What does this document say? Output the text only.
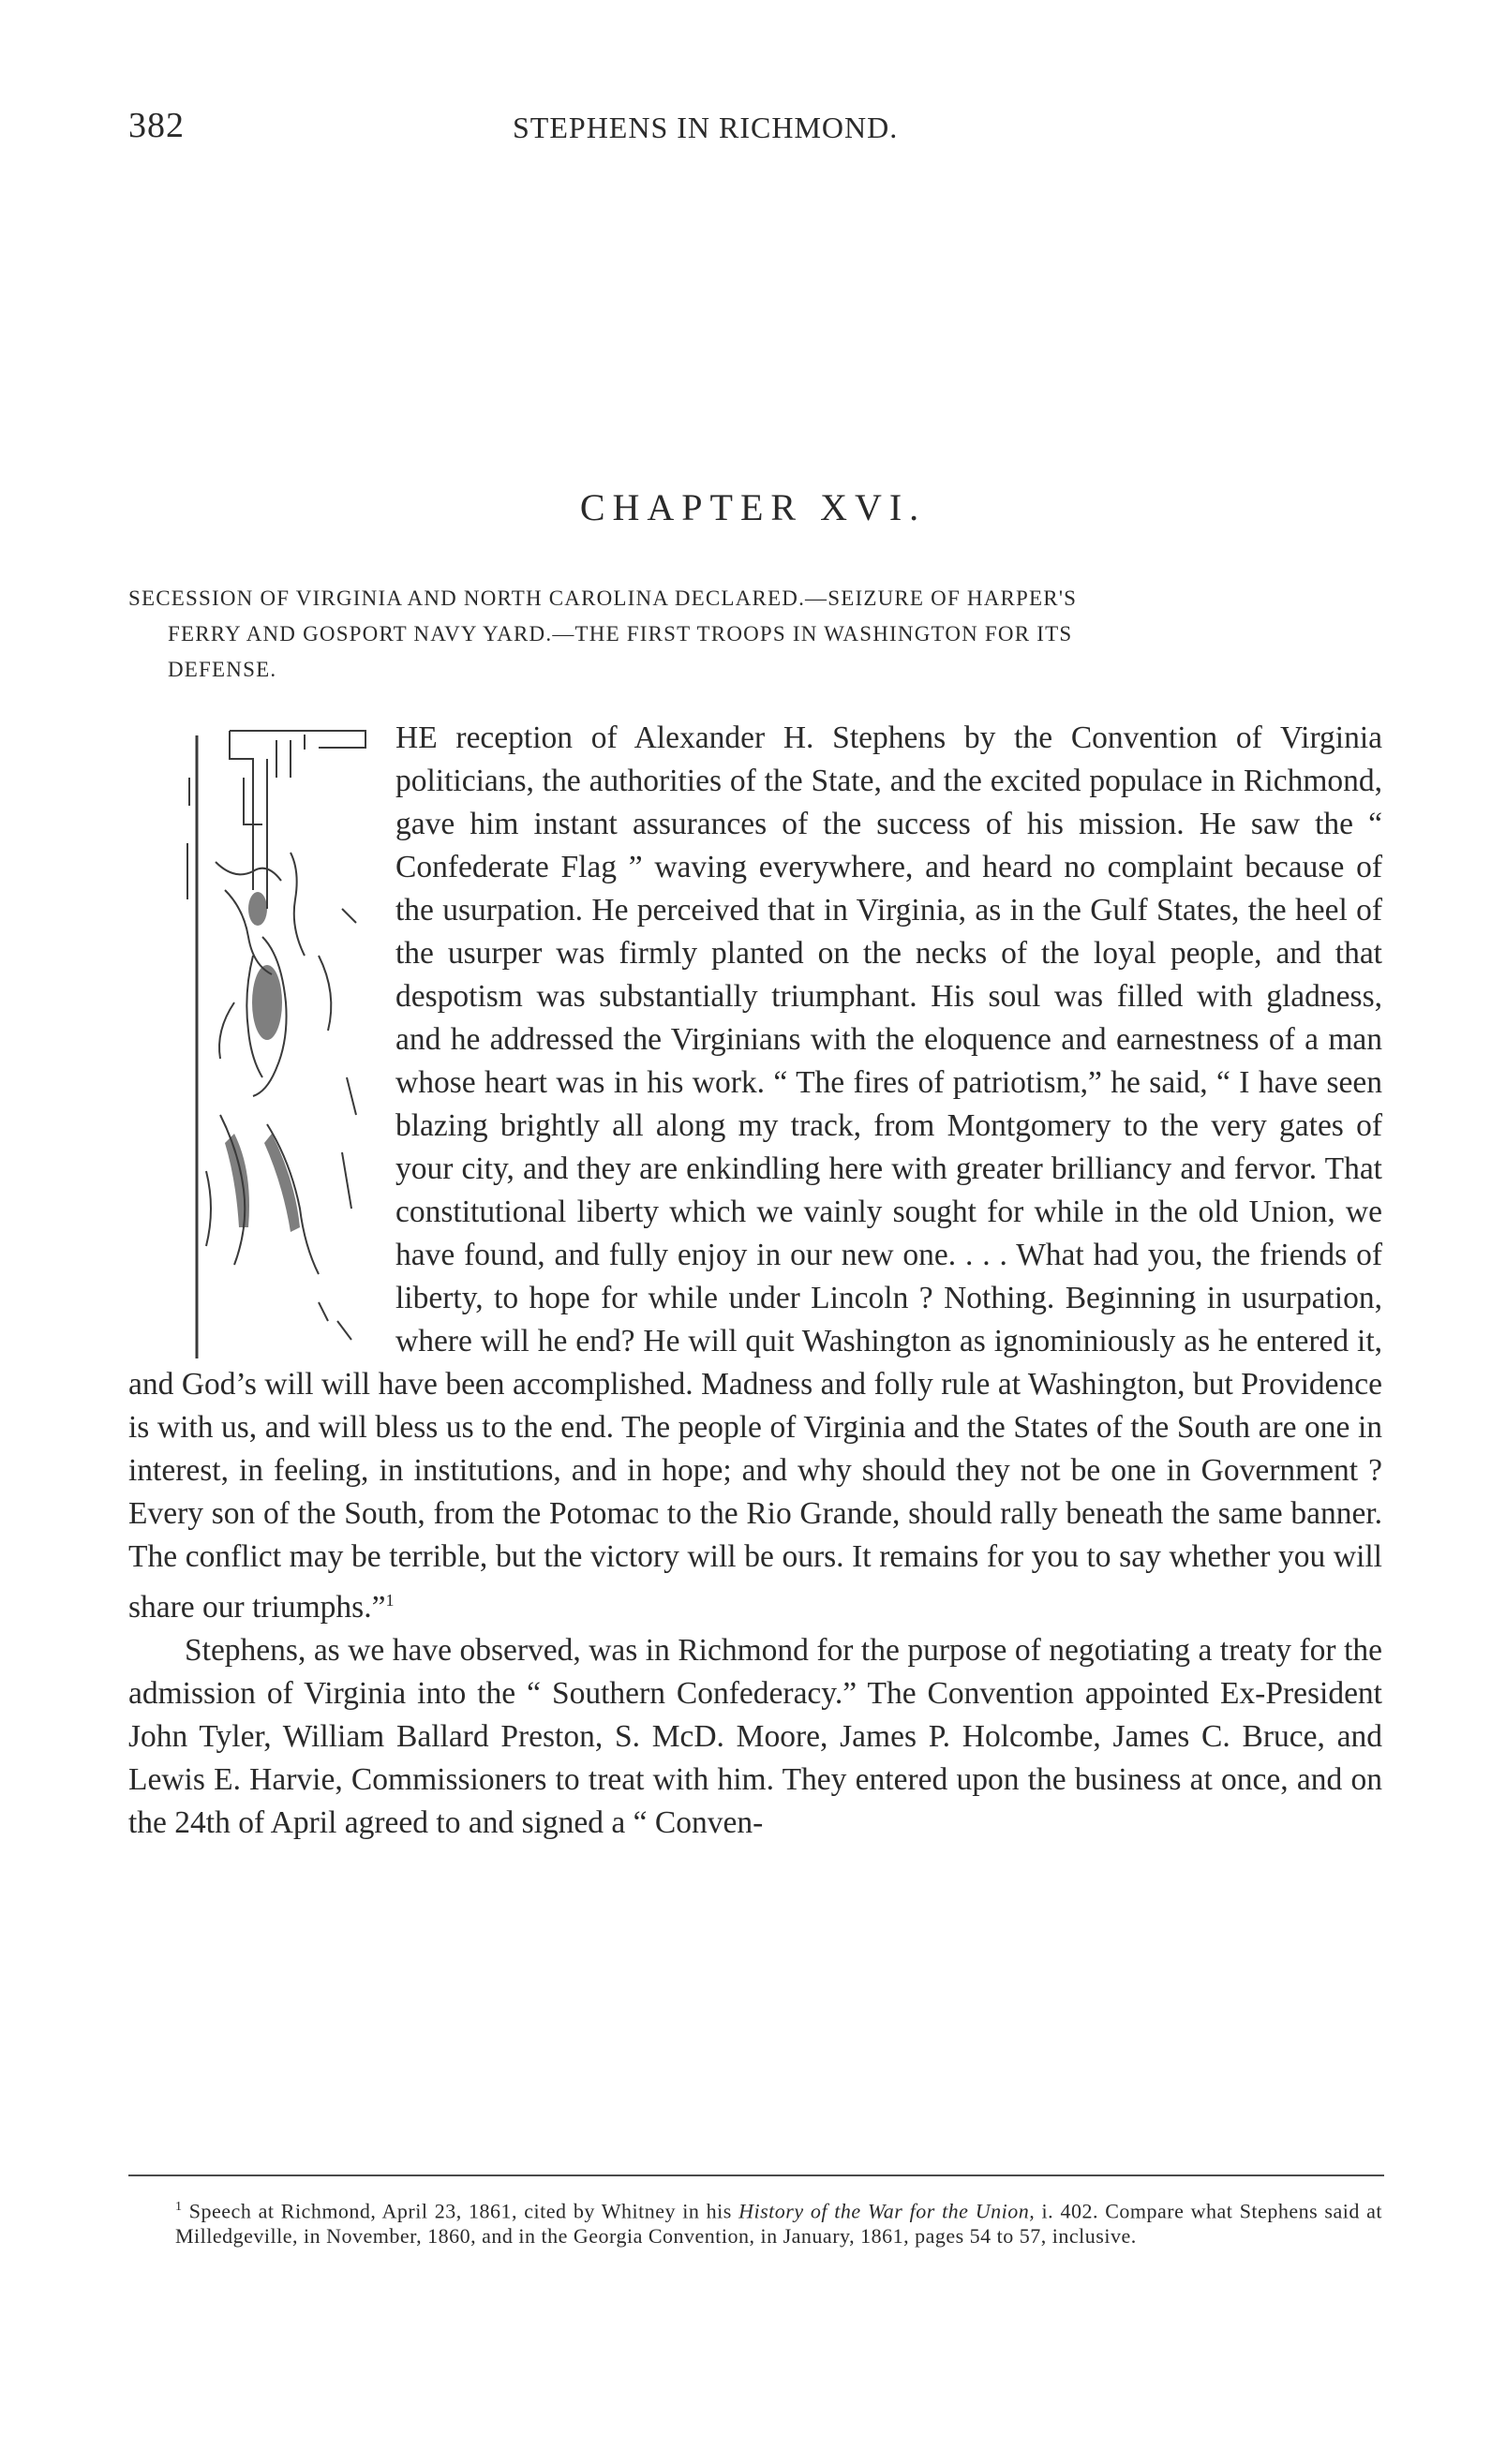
382	STEPHENS IN RICHMOND.
CHAPTER XVI.
SECESSION OF VIRGINIA AND NORTH CAROLINA DECLARED.—SEIZURE OF HARPER'S
FERRY AND GOSPORT NAVY YARD.—THE FIRST TROOPS IN WASHINGTON FOR ITS
DEFENSE.

HE reception of Alexander H. Stephens by the Convention of Virginia politicians, the authorities of the State, and the excited populace in Richmond, gave him instant assurances of the success of his mission. He saw the “ Confederate Flag ” waving everywhere, and heard no complaint because of the usurpation. He perceived that in Virginia, as in the Gulf States, the heel of the usurper was firmly planted on the necks of the loyal people, and that despotism was substantially triumphant. His soul was filled with gladness, and he addressed the Virginians with the eloquence and earnestness of a man whose heart was in his work. “ The fires of patriotism,” he said, “ I have seen blazing brightly all along my track, from Montgomery to the very gates of your city, and they are enkindling here with greater brilliancy and fervor. That constitutional liberty which we vainly sought for while in the old Union, we have found, and fully enjoy in our new one. . . . What had you, the friends of liberty, to hope for while under Lincoln ? Nothing. Beginning in usurpation, where will he end? He will quit Washington as ignominiously as he entered it, and God’s will will have been accomplished. Madness and folly rule at Washington, but Providence is with us, and will bless us to the end. The people of Virginia and the States of the South are one in interest, in feeling, in institutions, and in hope; and why should they not be one in Government ? Every son of the South, from the Potomac to the Rio Grande, should rally beneath the same banner. The conflict may be terrible, but the victory will be ours. It remains for you to say whether you will share our triumphs.”$^1$

Stephens, as we have observed, was in Richmond for the purpose of negotiating a treaty for the admission of Virginia into the “ Southern Confederacy.” The Convention appointed Ex-President John Tyler, William Ballard Preston, S. McD. Moore, James P. Holcombe, James C. Bruce, and Lewis E. Harvie, Commissioners to treat with him. They entered upon the business at once, and on the 24th of April agreed to and signed a “ Conven-

$^1$ Speech at Richmond, April 23, 1861, cited by Whitney in his History of the War for the Union, i. 402. Compare what Stephens said at Milledgeville, in November, 1860, and in the Georgia Convention, in January, 1861, pages 54 to 57, inclusive.
